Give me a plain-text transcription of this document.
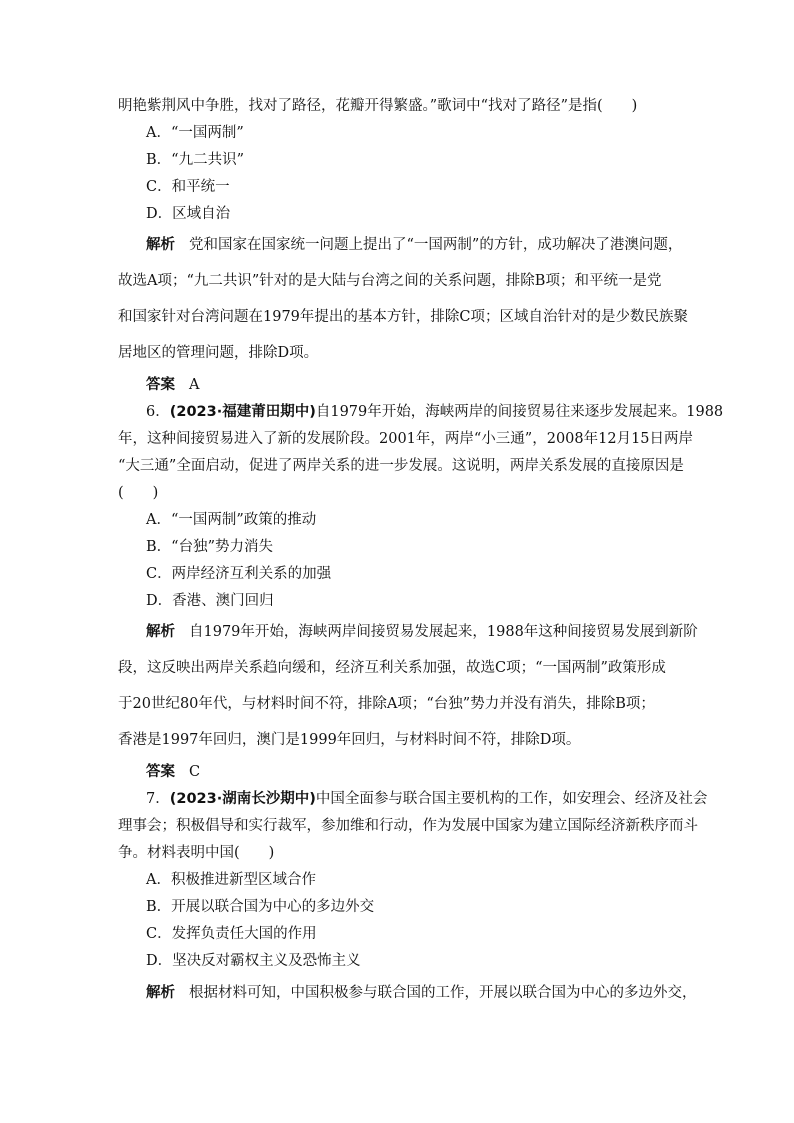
明艳紫荆风中争胜，找对了路径，花瓣开得繁盛。”歌词中“找对了路径”是指(　　)
A．“一国两制”
B．“九二共识”
C．和平统一
D．区域自治
解析 党和国家在国家统一问题上提出了“一国两制”的方针，成功解决了港澳问题，
故选A项；“九二共识”针对的是大陆与台湾之间的关系问题，排除B项；和平统一是党
和国家针对台湾问题在1979年提出的基本方针，排除C项；区域自治针对的是少数民族聚
居地区的管理问题，排除D项。
答案 A
6．(2023·福建莆田期中)自1979年开始，海峡两岸的间接贸易往来逐步发展起来。1988
年，这种间接贸易进入了新的发展阶段。2001年，两岸“小三通”，2008年12月15日两岸
“大三通”全面启动，促进了两岸关系的进一步发展。这说明，两岸关系发展的直接原因是
(　　)
A．“一国两制”政策的推动
B．“台独”势力消失
C．两岸经济互利关系的加强
D．香港、澳门回归
解析 自1979年开始，海峡两岸间接贸易发展起来，1988年这种间接贸易发展到新阶
段，这反映出两岸关系趋向缓和，经济互利关系加强，故选C项；“一国两制”政策形成
于20世纪80年代，与材料时间不符，排除A项；“台独”势力并没有消失，排除B项；
香港是1997年回归，澳门是1999年回归，与材料时间不符，排除D项。
答案 C
7．(2023·湖南长沙期中)中国全面参与联合国主要机构的工作，如安理会、经济及社会
理事会；积极倡导和实行裁军，参加维和行动，作为发展中国家为建立国际经济新秩序而斗
争。材料表明中国(　　)
A．积极推进新型区域合作
B．开展以联合国为中心的多边外交
C．发挥负责任大国的作用
D．坚决反对霸权主义及恐怖主义
解析 根据材料可知，中国积极参与联合国的工作，开展以联合国为中心的多边外交，
